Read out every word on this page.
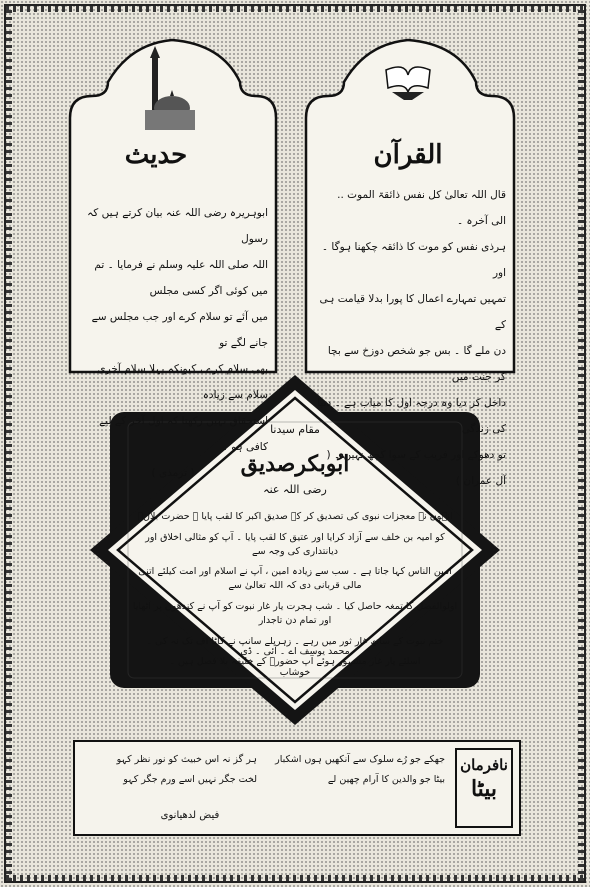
حدیث
ابوہریرہ رضی اللہ عنہ بیان کرتے ہیں کہ رسول
اللہ صلی اللہ علیہ وسلم نے فرمایا ۔ تم میں کوئی اگر کسی مجلس
میں آئے تو سلام کرے اور جب مجلس سے جانے لگے تو
بھی سلام کرے ، کیونکہ پہلا سلام آخری سلام سے زیادہ
استحقاق نہیں رکھتا کہ اول آخر کے لیے کافی ہو ۔
( ترمذی )
القرآن
قال اللہ تعالیٰ کل نفس ذائقۃ الموت ..
الی آخرہ ۔
ہرذی نفس کو موت کا ذائقہ چکھنا ہوگا ۔ اور
تمہیں تمہارے اعمال کا پورا بدلا قیامت ہی کے
دن ملے گا ۔ بس جو شخص دوزخ سے بچا کر جنت میں
داخل کر دیا وہ درجہ اول کا میاب ہے ۔ دنیا کی زندگی
تو دھوکے اور فریب کے سوا کچھ نہیں ۔ ( آل عمران )
مقام سیدنا
ابُوبکرصدیق
رضی اللہ عنہ
انہوں نے معجزات نبوی کی تصدیق کر کے صدیق اکبر کا لقب پایا ۔ حضرت بلالؓ
کو امیہ بن خلف سے آزاد کرایا اور عتیق کا لقب پایا ۔ آپ کو مثالی اخلاق اور دیانتداری کی وجہ سے
امین الناس کہا جاتا ہے ۔ سب سے زیادہ امین ، آپ نے اسلام اور امت کیلئے اتنی مالی قربانی دی کہ اللہ تعالیٰ سے
اولوالفضل کا تمغہ حاصل کیا ۔ شب ہجرت یار غار نبوت کو آپ نے کندھوں پر اٹھایا اور تمام دن تاجدار
ختم نبوت کے ساتھ غار ثور میں رہے ۔ زہریلے سانپ نے کاٹا اف تک نہ کی ۔
اسلئے یار غار مشہور ہوئے آپ حضورؐ کے خلیفہ بلا فصل ہیں ۔
محمد یوسف اے ۔ آئی ۔ ڈی
خوشاب
نافرمان
بیٹا
جھکے جو رُے سلوک سے آنکھیں ہوں اشکبار
بیٹا جو والدین کا آرام چھین لے
ہر گز نہ اس خبیث کو نور نظر کہو
لخت جگر نہیں اسے ورم جگر کہو
فیض لدھیانوی
